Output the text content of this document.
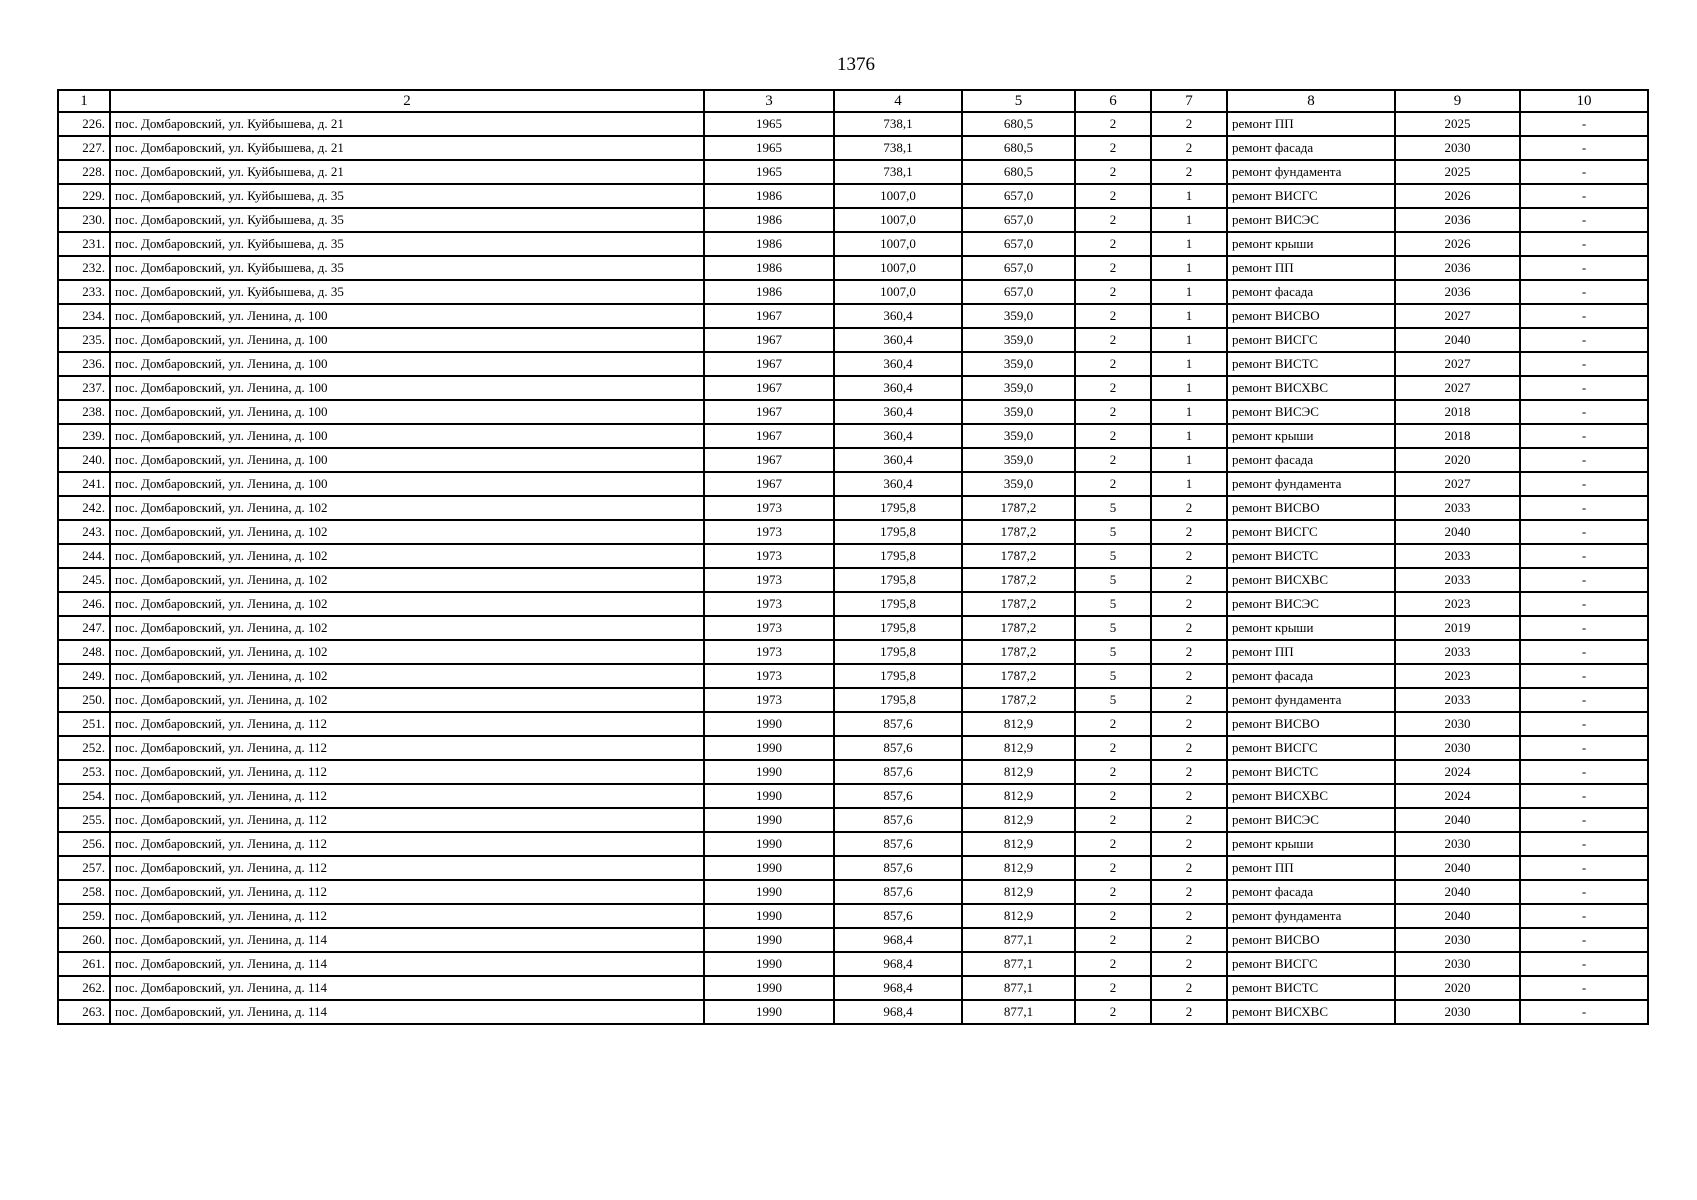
1376
1	2	3	4	5	6	7	8	9	10
226.	пос. Домбаровский, ул. Куйбышева, д. 21	1965	738,1	680,5	2	2	ремонт ПП	2025	-
227.	пос. Домбаровский, ул. Куйбышева, д. 21	1965	738,1	680,5	2	2	ремонт фасада	2030	-
228.	пос. Домбаровский, ул. Куйбышева, д. 21	1965	738,1	680,5	2	2	ремонт фундамента	2025	-
229.	пос. Домбаровский, ул. Куйбышева, д. 35	1986	1007,0	657,0	2	1	ремонт ВИСГС	2026	-
230.	пос. Домбаровский, ул. Куйбышева, д. 35	1986	1007,0	657,0	2	1	ремонт ВИСЭС	2036	-
231.	пос. Домбаровский, ул. Куйбышева, д. 35	1986	1007,0	657,0	2	1	ремонт крыши	2026	-
232.	пос. Домбаровский, ул. Куйбышева, д. 35	1986	1007,0	657,0	2	1	ремонт ПП	2036	-
233.	пос. Домбаровский, ул. Куйбышева, д. 35	1986	1007,0	657,0	2	1	ремонт фасада	2036	-
234.	пос. Домбаровский, ул. Ленина, д. 100	1967	360,4	359,0	2	1	ремонт ВИСВО	2027	-
235.	пос. Домбаровский, ул. Ленина, д. 100	1967	360,4	359,0	2	1	ремонт ВИСГС	2040	-
236.	пос. Домбаровский, ул. Ленина, д. 100	1967	360,4	359,0	2	1	ремонт ВИСТС	2027	-
237.	пос. Домбаровский, ул. Ленина, д. 100	1967	360,4	359,0	2	1	ремонт ВИСХВС	2027	-
238.	пос. Домбаровский, ул. Ленина, д. 100	1967	360,4	359,0	2	1	ремонт ВИСЭС	2018	-
239.	пос. Домбаровский, ул. Ленина, д. 100	1967	360,4	359,0	2	1	ремонт крыши	2018	-
240.	пос. Домбаровский, ул. Ленина, д. 100	1967	360,4	359,0	2	1	ремонт фасада	2020	-
241.	пос. Домбаровский, ул. Ленина, д. 100	1967	360,4	359,0	2	1	ремонт фундамента	2027	-
242.	пос. Домбаровский, ул. Ленина, д. 102	1973	1795,8	1787,2	5	2	ремонт ВИСВО	2033	-
243.	пос. Домбаровский, ул. Ленина, д. 102	1973	1795,8	1787,2	5	2	ремонт ВИСГС	2040	-
244.	пос. Домбаровский, ул. Ленина, д. 102	1973	1795,8	1787,2	5	2	ремонт ВИСТС	2033	-
245.	пос. Домбаровский, ул. Ленина, д. 102	1973	1795,8	1787,2	5	2	ремонт ВИСХВС	2033	-
246.	пос. Домбаровский, ул. Ленина, д. 102	1973	1795,8	1787,2	5	2	ремонт ВИСЭС	2023	-
247.	пос. Домбаровский, ул. Ленина, д. 102	1973	1795,8	1787,2	5	2	ремонт крыши	2019	-
248.	пос. Домбаровский, ул. Ленина, д. 102	1973	1795,8	1787,2	5	2	ремонт ПП	2033	-
249.	пос. Домбаровский, ул. Ленина, д. 102	1973	1795,8	1787,2	5	2	ремонт фасада	2023	-
250.	пос. Домбаровский, ул. Ленина, д. 102	1973	1795,8	1787,2	5	2	ремонт фундамента	2033	-
251.	пос. Домбаровский, ул. Ленина, д. 112	1990	857,6	812,9	2	2	ремонт ВИСВО	2030	-
252.	пос. Домбаровский, ул. Ленина, д. 112	1990	857,6	812,9	2	2	ремонт ВИСГС	2030	-
253.	пос. Домбаровский, ул. Ленина, д. 112	1990	857,6	812,9	2	2	ремонт ВИСТС	2024	-
254.	пос. Домбаровский, ул. Ленина, д. 112	1990	857,6	812,9	2	2	ремонт ВИСХВС	2024	-
255.	пос. Домбаровский, ул. Ленина, д. 112	1990	857,6	812,9	2	2	ремонт ВИСЭС	2040	-
256.	пос. Домбаровский, ул. Ленина, д. 112	1990	857,6	812,9	2	2	ремонт крыши	2030	-
257.	пос. Домбаровский, ул. Ленина, д. 112	1990	857,6	812,9	2	2	ремонт ПП	2040	-
258.	пос. Домбаровский, ул. Ленина, д. 112	1990	857,6	812,9	2	2	ремонт фасада	2040	-
259.	пос. Домбаровский, ул. Ленина, д. 112	1990	857,6	812,9	2	2	ремонт фундамента	2040	-
260.	пос. Домбаровский, ул. Ленина, д. 114	1990	968,4	877,1	2	2	ремонт ВИСВО	2030	-
261.	пос. Домбаровский, ул. Ленина, д. 114	1990	968,4	877,1	2	2	ремонт ВИСГС	2030	-
262.	пос. Домбаровский, ул. Ленина, д. 114	1990	968,4	877,1	2	2	ремонт ВИСТС	2020	-
263.	пос. Домбаровский, ул. Ленина, д. 114	1990	968,4	877,1	2	2	ремонт ВИСХВС	2030	-
